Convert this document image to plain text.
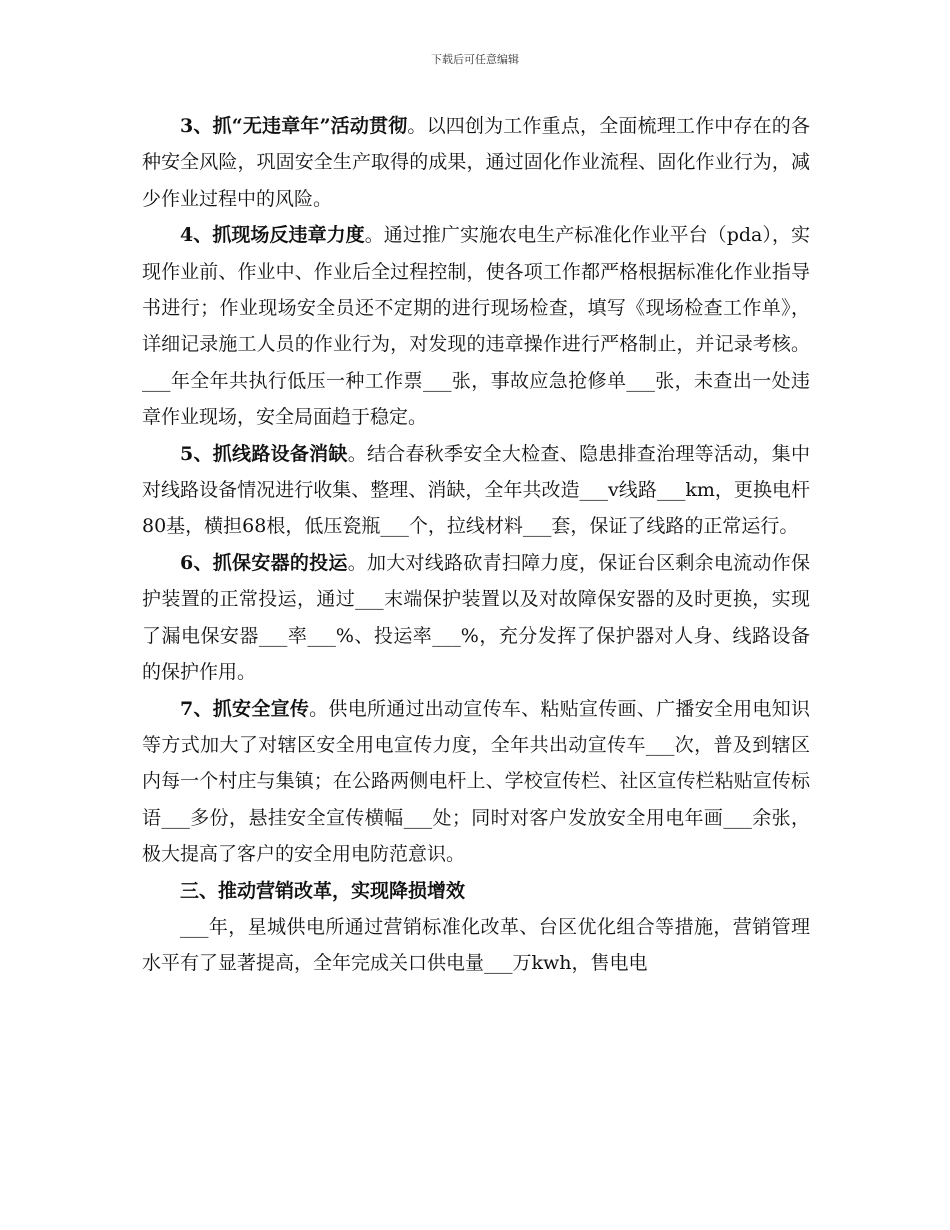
下载后可任意编辑

3、抓“无违章年”活动贯彻。以四创为工作重点，全面梳理工作中存在的各种安全风险，巩固安全生产取得的成果，通过固化作业流程、固化作业行为，减少作业过程中的风险。

4、抓现场反违章力度。通过推广实施农电生产标准化作业平台（pda），实现作业前、作业中、作业后全过程控制，使各项工作都严格根据标准化作业指导书进行；作业现场安全员还不定期的进行现场检查，填写《现场检查工作单》，详细记录施工人员的作业行为，对发现的违章操作进行严格制止，并记录考核。___年全年共执行低压一种工作票___张，事故应急抢修单___张，未查出一处违章作业现场，安全局面趋于稳定。

5、抓线路设备消缺。结合春秋季安全大检查、隐患排查治理等活动，集中对线路设备情况进行收集、整理、消缺，全年共改造___v线路___km，更换电杆80基，横担68根，低压瓷瓶___个，拉线材料___套，保证了线路的正常运行。

6、抓保安器的投运。加大对线路砍青扫障力度，保证台区剩余电流动作保护装置的正常投运，通过___末端保护装置以及对故障保安器的及时更换，实现了漏电保安器___率___%、投运率___%，充分发挥了保护器对人身、线路设备的保护作用。

7、抓安全宣传。供电所通过出动宣传车、粘贴宣传画、广播安全用电知识等方式加大了对辖区安全用电宣传力度，全年共出动宣传车___次，普及到辖区内每一个村庄与集镇；在公路两侧电杆上、学校宣传栏、社区宣传栏粘贴宣传标语___多份，悬挂安全宣传横幅___处；同时对客户发放安全用电年画___余张，极大提高了客户的安全用电防范意识。

三、推动营销改革，实现降损增效

___年，星城供电所通过营销标准化改革、台区优化组合等措施，营销管理水平有了显著提高，全年完成关口供电量___万kwh，售电电
